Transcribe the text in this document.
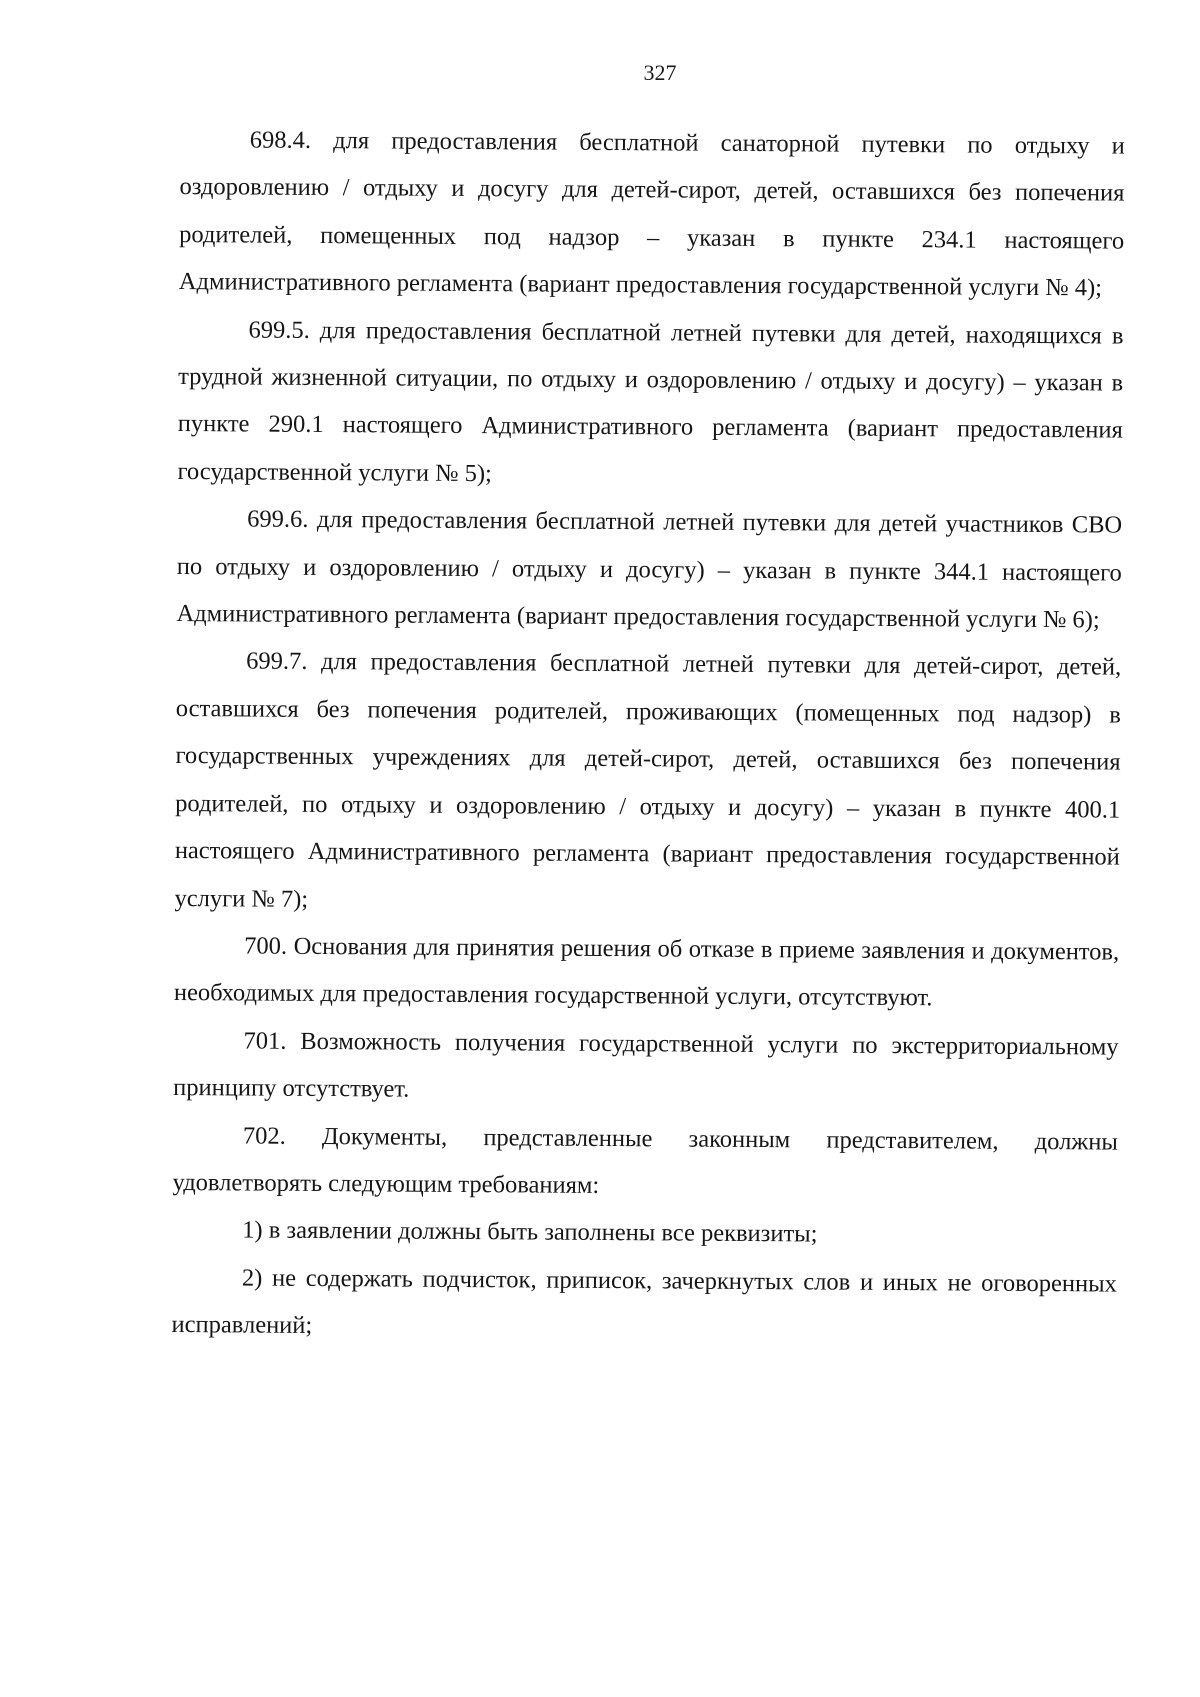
327

698.4. для предоставления бесплатной санаторной путевки по отдыху и оздоровлению / отдыху и досугу для детей-сирот, детей, оставшихся без попечения родителей, помещенных под надзор – указан в пункте 234.1 настоящего Административного регламента (вариант предоставления государственной услуги № 4);

699.5. для предоставления бесплатной летней путевки для детей, находящихся в трудной жизненной ситуации, по отдыху и оздоровлению / отдыху и досугу) – указан в пункте 290.1 настоящего Административного регламента (вариант предоставления государственной услуги № 5);

699.6. для предоставления бесплатной летней путевки для детей участников СВО по отдыху и оздоровлению / отдыху и досугу) – указан в пункте 344.1 настоящего Административного регламента (вариант предоставления государственной услуги № 6);

699.7. для предоставления бесплатной летней путевки для детей-сирот, детей, оставшихся без попечения родителей, проживающих (помещенных под надзор) в государственных учреждениях для детей-сирот, детей, оставшихся без попечения родителей, по отдыху и оздоровлению / отдыху и досугу) – указан в пункте 400.1 настоящего Административного регламента (вариант предоставления государственной услуги № 7);

700. Основания для принятия решения об отказе в приеме заявления и документов, необходимых для предоставления государственной услуги, отсутствуют.

701. Возможность получения государственной услуги по экстерриториальному принципу отсутствует.

702. Документы, представленные законным представителем, должны удовлетворять следующим требованиям:

1) в заявлении должны быть заполнены все реквизиты;

2) не содержать подчисток, приписок, зачеркнутых слов и иных не оговоренных исправлений;
